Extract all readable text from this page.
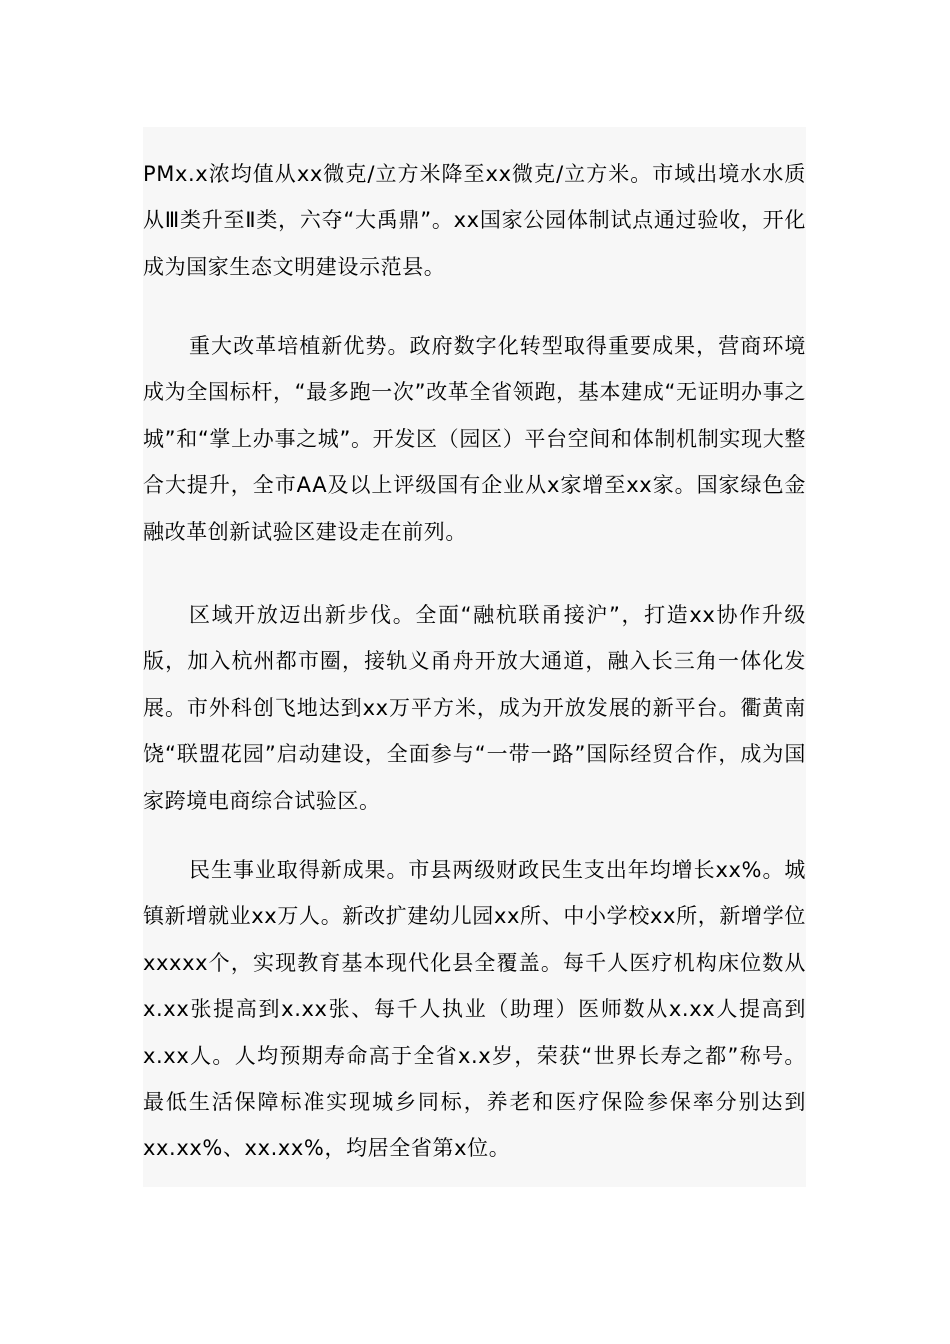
PMx.x浓均值从xx微克/立方米降至xx微克/立方米。市域出境水水质从Ⅲ类升至Ⅱ类，六夺“大禹鼎”。xx国家公园体制试点通过验收，开化成为国家生态文明建设示范县。

重大改革培植新优势。政府数字化转型取得重要成果，营商环境成为全国标杆，“最多跑一次”改革全省领跑，基本建成“无证明办事之城”和“掌上办事之城”。开发区（园区）平台空间和体制机制实现大整合大提升，全市AA及以上评级国有企业从x家增至xx家。国家绿色金融改革创新试验区建设走在前列。

区域开放迈出新步伐。全面“融杭联甬接沪”，打造xx协作升级版，加入杭州都市圈，接轨义甬舟开放大通道，融入长三角一体化发展。市外科创飞地达到xx万平方米，成为开放发展的新平台。衢黄南饶“联盟花园”启动建设，全面参与“一带一路”国际经贸合作，成为国家跨境电商综合试验区。

民生事业取得新成果。市县两级财政民生支出年均增长xx%。城镇新增就业xx万人。新改扩建幼儿园xx所、中小学校xx所，新增学位xxxxx个，实现教育基本现代化县全覆盖。每千人医疗机构床位数从x.xx张提高到x.xx张、每千人执业（助理）医师数从x.xx人提高到x.xx人。人均预期寿命高于全省x.x岁，荣获“世界长寿之都”称号。最低生活保障标准实现城乡同标，养老和医疗保险参保率分别达到xx.xx%、xx.xx%，均居全省第x位。
